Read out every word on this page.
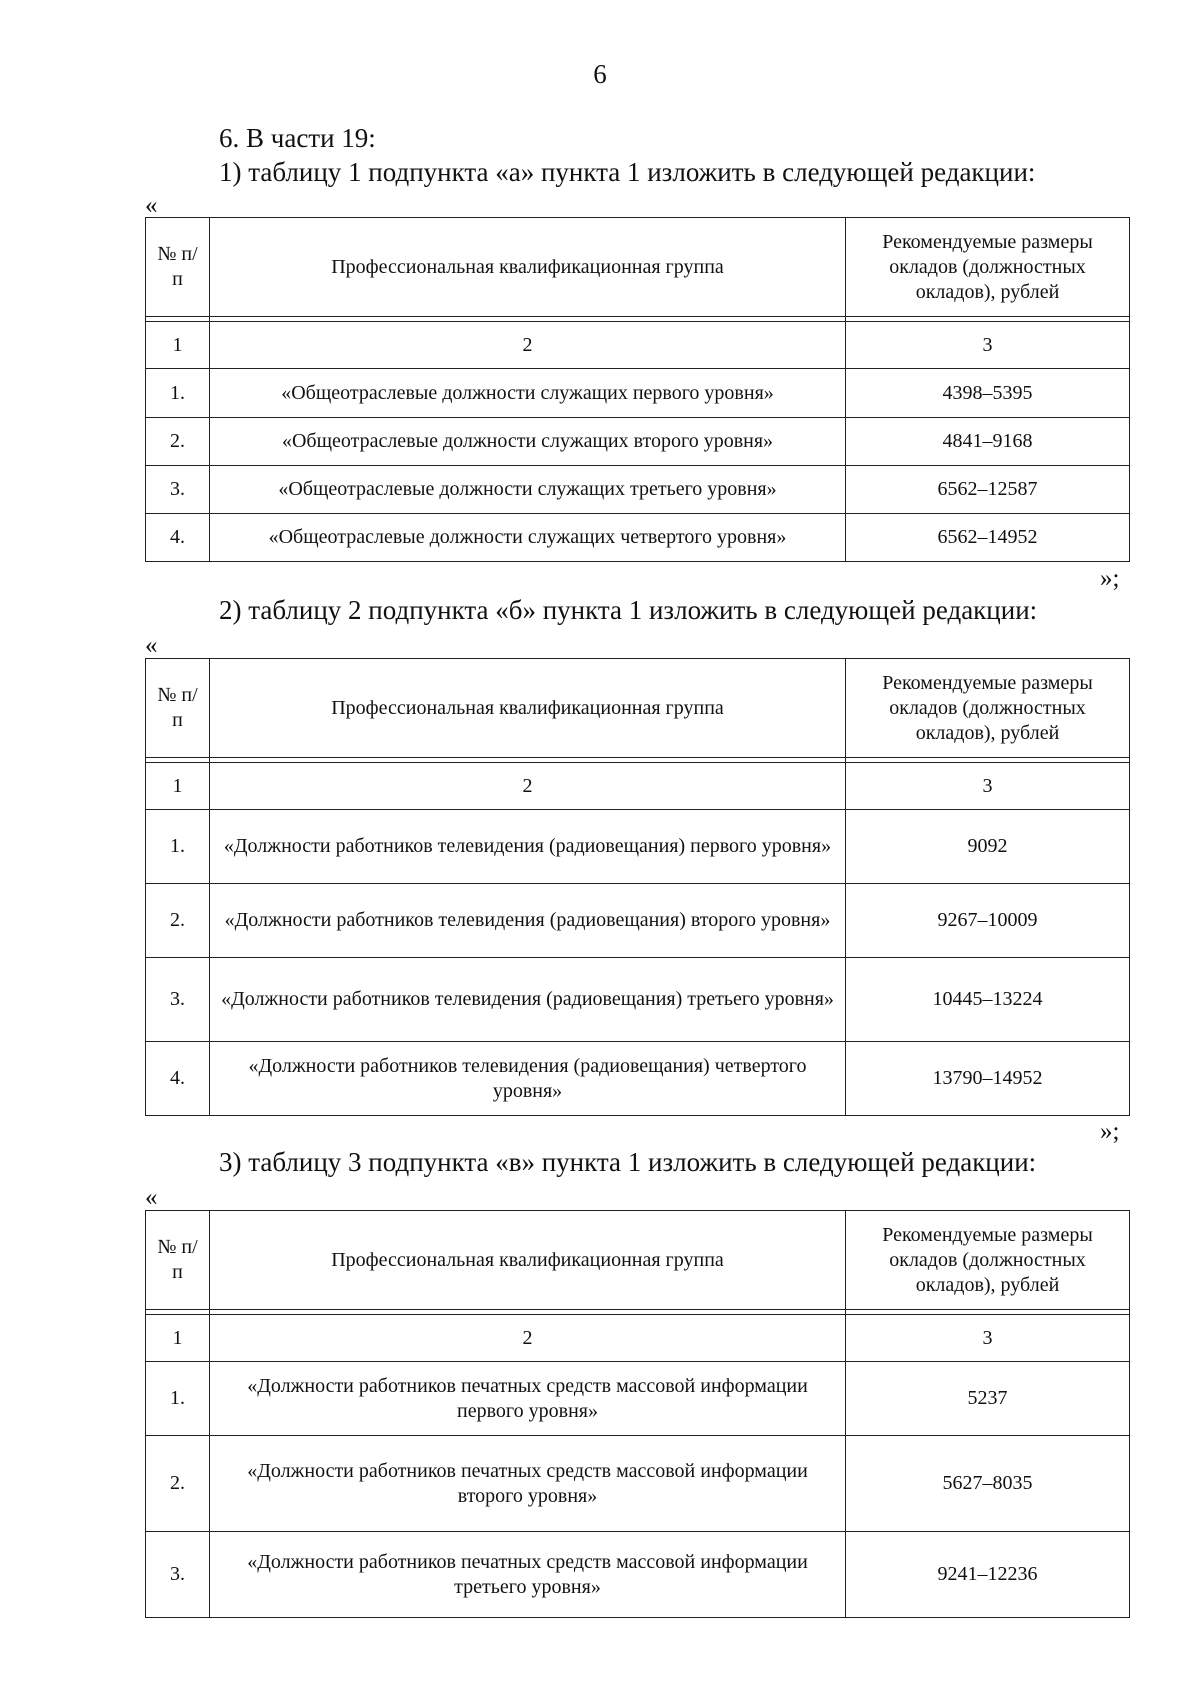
6
6. В части 19:
1) таблицу 1 подпункта «а» пункта 1 изложить в следующей редакции:
«
№ п/п	Профессиональная квалификационная группа	Рекомендуемые размеры окладов (должностных окладов), рублей

1	2	3
1.	«Общеотраслевые должности служащих первого уровня»	4398–5395
2.	«Общеотраслевые должности служащих второго уровня»	4841–9168
3.	«Общеотраслевые должности служащих третьего уровня»	6562–12587
4.	«Общеотраслевые должности служащих четвертого уровня»	6562–14952
»;
2) таблицу 2 подпункта «б» пункта 1 изложить в следующей редакции:
«
№ п/п	Профессиональная квалификационная группа	Рекомендуемые размеры окладов (должностных окладов), рублей

1	2	3
1.	«Должности работников телевидения (радиовещания) первого уровня»	9092
2.	«Должности работников телевидения (радиовещания) второго уровня»	9267–10009
3.	«Должности работников телевидения (радиовещания) третьего уровня»	10445–13224
4.	«Должности работников телевидения (радиовещания) четвертого уровня»	13790–14952
»;
3) таблицу 3 подпункта «в» пункта 1 изложить в следующей редакции:
«
№ п/п	Профессиональная квалификационная группа	Рекомендуемые размеры окладов (должностных окладов), рублей

1	2	3
1.	«Должности работников печатных средств массовой информации первого уровня»	5237
2.	«Должности работников печатных средств массовой информации второго уровня»	5627–8035
3.	«Должности работников печатных средств массовой информации третьего уровня»	9241–12236
